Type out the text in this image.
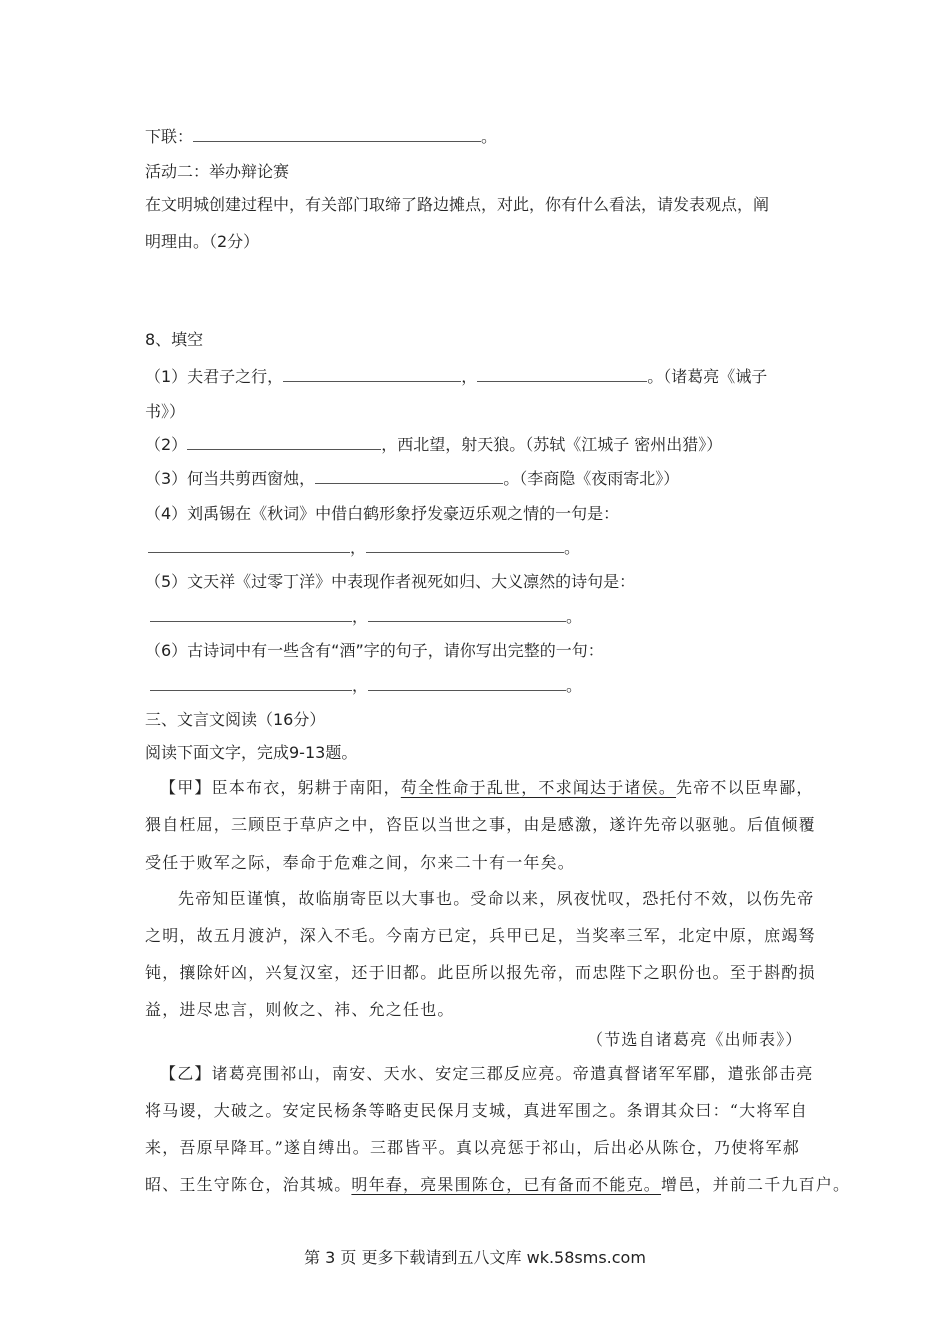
下联：	。
活动二：举办辩论赛
在文明城创建过程中，有关部门取缔了路边摊点，对此，你有什么看法，请发表观点，阐
明理由。（2分）
8、填空
（1）夫君子之行，	，	。（诸葛亮《诫子
书》）
（2）	，西北望，射天狼。（苏轼《江城子 密州出猎》）
（3）何当共剪西窗烛，	。（李商隐《夜雨寄北》）
（4）刘禹锡在《秋词》中借白鹤形象抒发豪迈乐观之情的一句是：
，	。
（5）文天祥《过零丁洋》中表现作者视死如归、大义凛然的诗句是：
，	。
（6）古诗词中有一些含有“酒”字的句子，请你写出完整的一句：
，	。
三、文言文阅读（16分）
阅读下面文字，完成9-13题。
【甲】臣本布衣，躬耕于南阳，苟全性命于乱世，不求闻达于诸侯。先帝不以臣卑鄙，
猥自枉屈，三顾臣于草庐之中，咨臣以当世之事，由是感激，遂许先帝以驱驰。后值倾覆
受任于败军之际，奉命于危难之间，尔来二十有一年矣。
先帝知臣谨慎，故临崩寄臣以大事也。受命以来，夙夜忧叹，恐托付不效，以伤先帝
之明，故五月渡泸，深入不毛。今南方已定，兵甲已足，当奖率三军，北定中原，庶竭驽
钝，攘除奸凶，兴复汉室，还于旧都。此臣所以报先帝，而忠陛下之职份也。至于斟酌损
益，进尽忠言，则攸之、祎、允之任也。
（节选自诸葛亮《出师表》）
【乙】诸葛亮围祁山，南安、天水、安定三郡反应亮。帝遣真督诸军军郿，遣张郃击亮
将马谡，大破之。安定民杨条等略吏民保月支城，真进军围之。条谓其众曰：“大将军自
来，吾原早降耳。”遂自缚出。三郡皆平。真以亮惩于祁山，后出必从陈仓，乃使将军郝
昭、王生守陈仓，治其城。明年春，亮果围陈仓，已有备而不能克。增邑，并前二千九百户。
第 3 页 更多下载请到五八文库 wk.58sms.com
